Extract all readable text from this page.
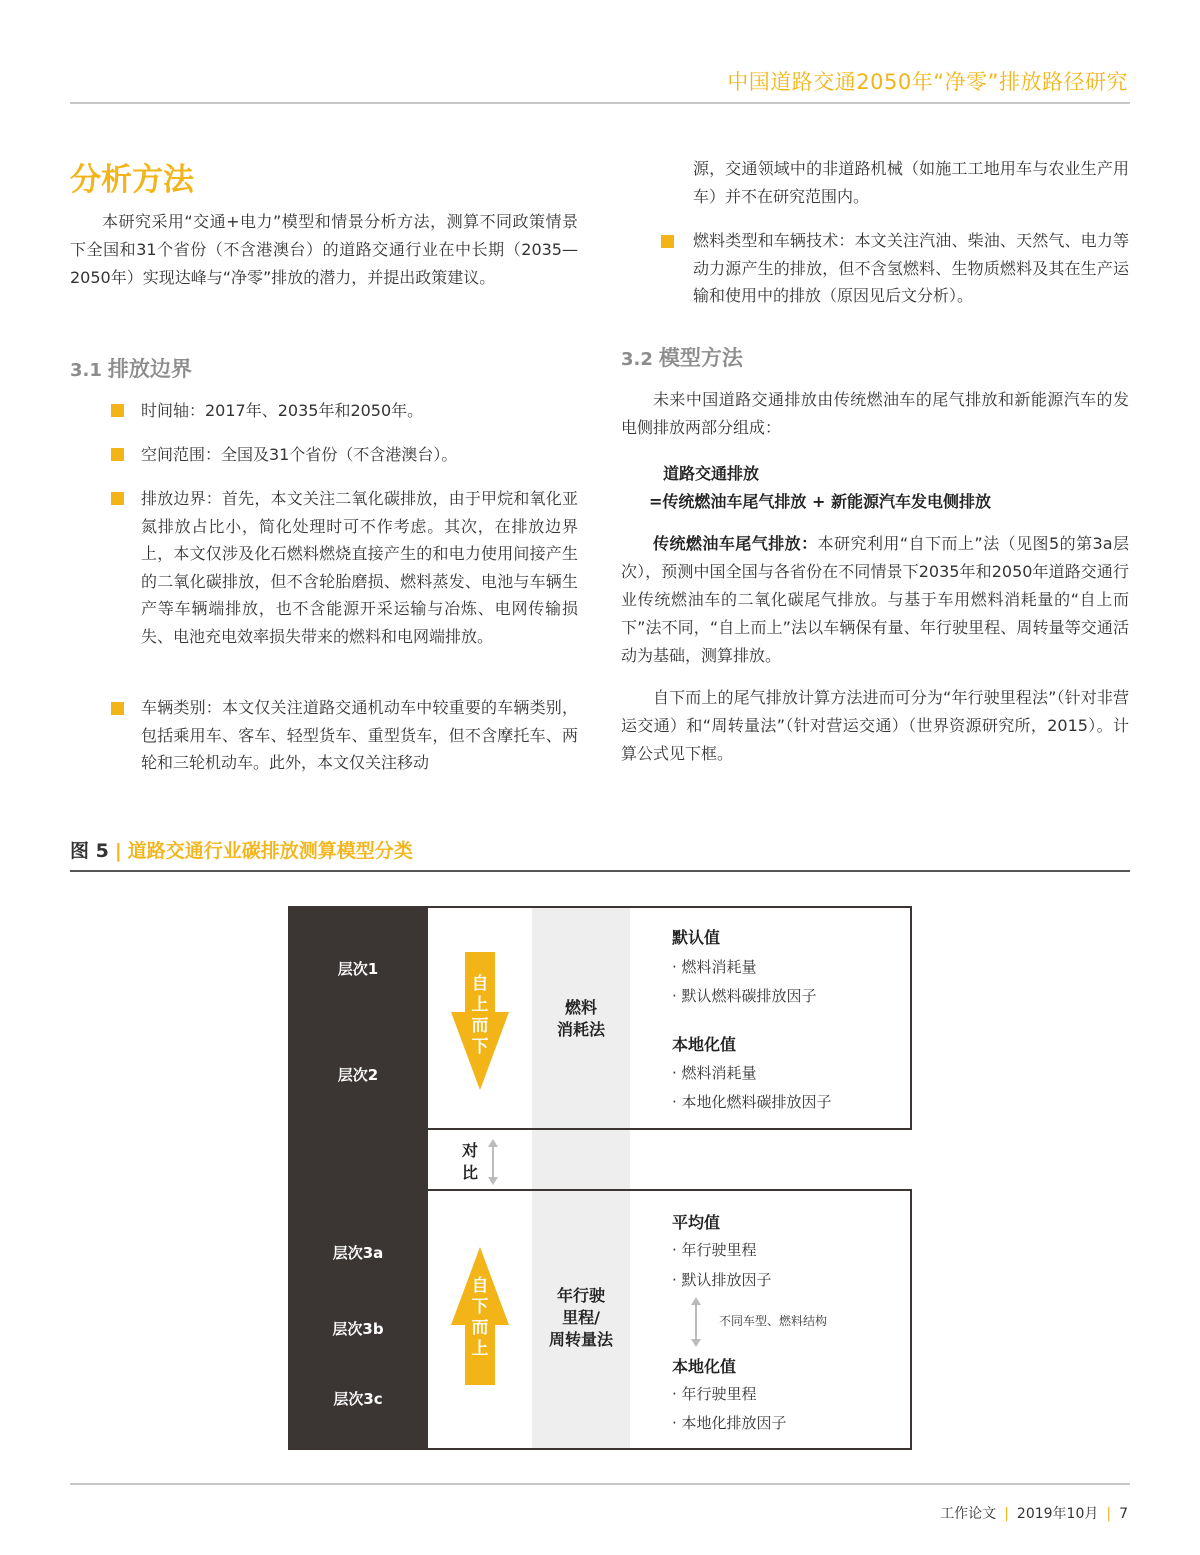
中国道路交通2050年“净零”排放路径研究
分析方法
本研究采用“交通+电力”模型和情景分析方法，测算不同政策情景下全国和31个省份（不含港澳台）的道路交通行业在中长期（2035—2050年）实现达峰与“净零”排放的潜力，并提出政策建议。
3.1 排放边界
时间轴：2017年、2035年和2050年。
空间范围：全国及31个省份（不含港澳台）。
排放边界：首先，本文关注二氧化碳排放，由于甲烷和氧化亚氮排放占比小，简化处理时可不作考虑。其次，在排放边界上，本文仅涉及化石燃料燃烧直接产生的和电力使用间接产生的二氧化碳排放，但不含轮胎磨损、燃料蒸发、电池与车辆生产等车辆端排放，也不含能源开采运输与冶炼、电网传输损失、电池充电效率损失带来的燃料和电网端排放。
车辆类别：本文仅关注道路交通机动车中较重要的车辆类别，包括乘用车、客车、轻型货车、重型货车，但不含摩托车、两轮和三轮机动车。此外，本文仅关注移动
源，交通领域中的非道路机械（如施工工地用车与农业生产用车）并不在研究范围内。
燃料类型和车辆技术：本文关注汽油、柴油、天然气、电力等动力源产生的排放，但不含氢燃料、生物质燃料及其在生产运输和使用中的排放（原因见后文分析）。
3.2 模型方法
未来中国道路交通排放由传统燃油车的尾气排放和新能源汽车的发电侧排放两部分组成：
道路交通排放
=传统燃油车尾气排放 + 新能源汽车发电侧排放
传统燃油车尾气排放：本研究利用“自下而上”法（见图5的第3a层次），预测中国全国与各省份在不同情景下2035年和2050年道路交通行业传统燃油车的二氧化碳尾气排放。与基于车用燃料消耗量的“自上而下”法不同，“自上而上”法以车辆保有量、年行驶里程、周转量等交通活动为基础，测算排放。
自下而上的尾气排放计算方法进而可分为“年行驶里程法”（针对非营运交通）和“周转量法”（针对营运交通）（世界资源研究所，2015）。计算公式见下框。
图 5 | 道路交通行业碳排放测算模型分类
层次1
层次2
层次3a
层次3b
层次3c
自
上
而
下
自
下
而
上
对
比
燃料
消耗法
年行驶
里程/
周转量法
默认值
· 燃料消耗量
· 默认燃料碳排放因子
本地化值
· 燃料消耗量
· 本地化燃料碳排放因子
平均值
· 年行驶里程
· 默认排放因子
不同车型、燃料结构
本地化值
· 年行驶里程
· 本地化排放因子
工作论文 | 2019年10月 | 7
